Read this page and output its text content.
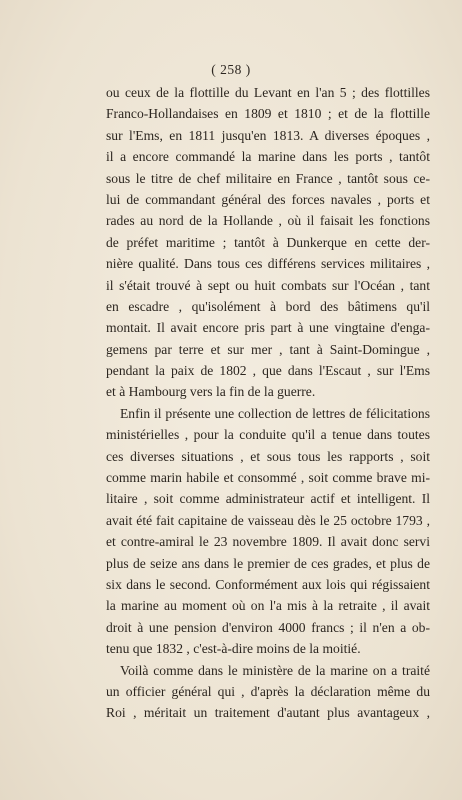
( 258 )
ou ceux de la flottille du Levant en l'an 5 ; des flottilles
Franco-Hollandaises en 1809 et 1810 ; et de la flottille
sur l'Ems, en 1811 jusqu'en 1813. A diverses époques ,
il a encore commandé la marine dans les ports , tantôt
sous le titre de chef militaire en France , tantôt sous ce-
lui de commandant général des forces navales , ports et
rades au nord de la Hollande , où il faisait les fonctions
de préfet maritime ; tantôt à Dunkerque en cette der-
nière qualité. Dans tous ces différens services militaires ,
il s'était trouvé à sept ou huit combats sur l'Océan , tant
en escadre , qu'isolément à bord des bâtimens qu'il
montait. Il avait encore pris part à une vingtaine d'enga-
gemens par terre et sur mer , tant à Saint-Domingue ,
pendant la paix de 1802 , que dans l'Escaut , sur l'Ems
et à Hambourg vers la fin de la guerre.
Enfin il présente une collection de lettres de félicitations
ministérielles , pour la conduite qu'il a tenue dans toutes
ces diverses situations , et sous tous les rapports , soit
comme marin habile et consommé , soit comme brave mi-
litaire , soit comme administrateur actif et intelligent. Il
avait été fait capitaine de vaisseau dès le 25 octobre 1793 ,
et contre-amiral le 23 novembre 1809. Il avait donc servi
plus de seize ans dans le premier de ces grades, et plus de
six dans le second. Conformément aux lois qui régissaient
la marine au moment où on l'a mis à la retraite , il avait
droit à une pension d'environ 4000 francs ; il n'en a ob-
tenu que 1832 , c'est-à-dire moins de la moitié.
Voilà comme dans le ministère de la marine on a traité
un officier général qui , d'après la déclaration même du
Roi , méritait un traitement d'autant plus avantageux ,
